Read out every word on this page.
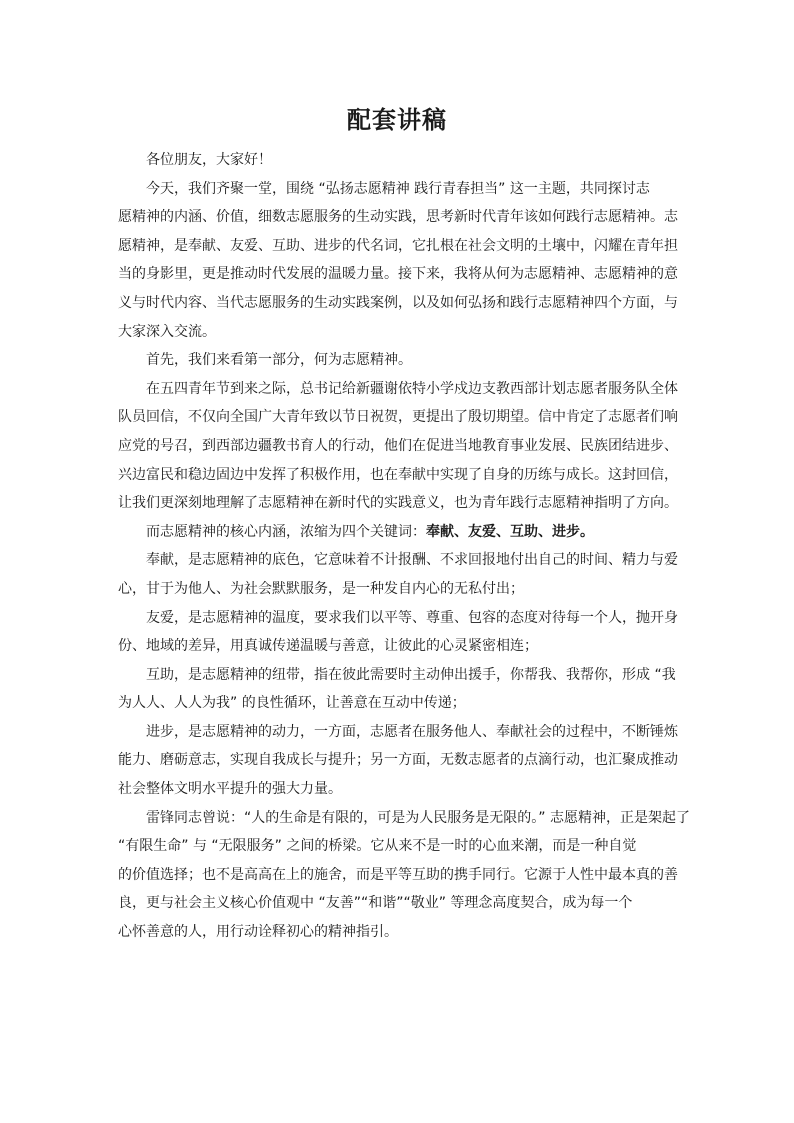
配套讲稿

各位朋友，大家好！

今天，我们齐聚一堂，围绕 “弘扬志愿精神 践行青春担当” 这一主题，共同探讨志

愿精神的内涵、价值，细数志愿服务的生动实践，思考新时代青年该如何践行志愿精神。志

愿精神，是奉献、友爱、互助、进步的代名词，它扎根在社会文明的土壤中，闪耀在青年担

当的身影里，更是推动时代发展的温暖力量。接下来，我将从何为志愿精神、志愿精神的意

义与时代内容、当代志愿服务的生动实践案例，以及如何弘扬和践行志愿精神四个方面，与

大家深入交流。

首先，我们来看第一部分，何为志愿精神。

在五四青年节到来之际，总书记给新疆谢依特小学戍边支教西部计划志愿者服务队全体

队员回信，不仅向全国广大青年致以节日祝贺，更提出了殷切期望。信中肯定了志愿者们响

应党的号召，到西部边疆教书育人的行动，他们在促进当地教育事业发展、民族团结进步、

兴边富民和稳边固边中发挥了积极作用，也在奉献中实现了自身的历练与成长。这封回信，

让我们更深刻地理解了志愿精神在新时代的实践意义，也为青年践行志愿精神指明了方向。

而志愿精神的核心内涵，浓缩为四个关键词：奉献、友爱、互助、进步。

奉献，是志愿精神的底色，它意味着不计报酬、不求回报地付出自己的时间、精力与爱

心，甘于为他人、为社会默默服务，是一种发自内心的无私付出；

友爱，是志愿精神的温度，要求我们以平等、尊重、包容的态度对待每一个人，抛开身

份、地域的差异，用真诚传递温暖与善意，让彼此的心灵紧密相连；

互助，是志愿精神的纽带，指在彼此需要时主动伸出援手，你帮我、我帮你，形成 “我

为人人、人人为我” 的良性循环，让善意在互动中传递；

进步，是志愿精神的动力，一方面，志愿者在服务他人、奉献社会的过程中，不断锤炼

能力、磨砺意志，实现自我成长与提升；另一方面，无数志愿者的点滴行动，也汇聚成推动

社会整体文明水平提升的强大力量。

雷锋同志曾说：“人的生命是有限的，可是为人民服务是无限的。” 志愿精神，正是架起了

“有限生命” 与 “无限服务” 之间的桥梁。它从来不是一时的心血来潮，而是一种自觉

的价值选择；也不是高高在上的施舍，而是平等互助的携手同行。它源于人性中最本真的善

良，更与社会主义核心价值观中 “友善”“和谐”“敬业” 等理念高度契合，成为每一个

心怀善意的人，用行动诠释初心的精神指引。
